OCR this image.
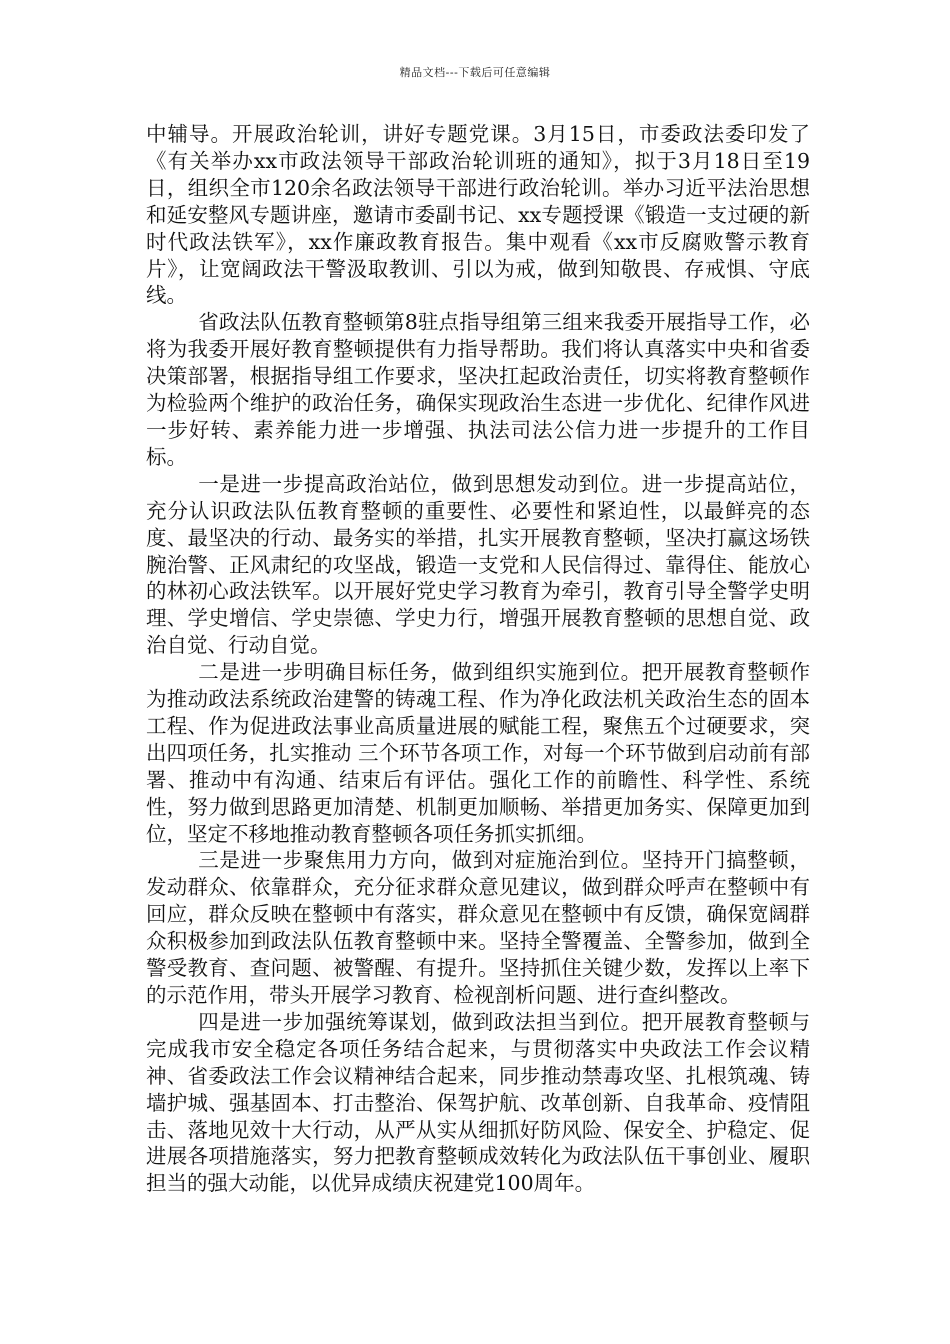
精品文档---下载后可任意编辑

中辅导。开展政治轮训，讲好专题党课。3月15日，市委政法委印发了《有关举办xx市政法领导干部政治轮训班的通知》，拟于3月18日至19日，组织全市120余名政法领导干部进行政治轮训。举办习近平法治思想和延安整风专题讲座，邀请市委副书记、xx专题授课《锻造一支过硬的新时代政法铁军》，xx作廉政教育报告。集中观看《xx市反腐败警示教育片》，让宽阔政法干警汲取教训、引以为戒，做到知敬畏、存戒惧、守底线。

省政法队伍教育整顿第8驻点指导组第三组来我委开展指导工作，必将为我委开展好教育整顿提供有力指导帮助。我们将认真落实中央和省委决策部署，根据指导组工作要求，坚决扛起政治责任，切实将教育整顿作为检验两个维护的政治任务，确保实现政治生态进一步优化、纪律作风进一步好转、素养能力进一步增强、执法司法公信力进一步提升的工作目标。

一是进一步提高政治站位，做到思想发动到位。进一步提高站位，充分认识政法队伍教育整顿的重要性、必要性和紧迫性，以最鲜亮的态度、最坚决的行动、最务实的举措，扎实开展教育整顿，坚决打赢这场铁腕治警、正风肃纪的攻坚战，锻造一支党和人民信得过、靠得住、能放心的林初心政法铁军。以开展好党史学习教育为牵引，教育引导全警学史明理、学史增信、学史崇德、学史力行，增强开展教育整顿的思想自觉、政治自觉、行动自觉。

二是进一步明确目标任务，做到组织实施到位。把开展教育整顿作为推动政法系统政治建警的铸魂工程、作为净化政法机关政治生态的固本工程、作为促进政法事业高质量进展的赋能工程，聚焦五个过硬要求，突出四项任务，扎实推动 三个环节各项工作，对每一个环节做到启动前有部署、推动中有沟通、结束后有评估。强化工作的前瞻性、科学性、系统性，努力做到思路更加清楚、机制更加顺畅、举措更加务实、保障更加到位，坚定不移地推动教育整顿各项任务抓实抓细。

三是进一步聚焦用力方向，做到对症施治到位。坚持开门搞整顿，发动群众、依靠群众，充分征求群众意见建议，做到群众呼声在整顿中有回应，群众反映在整顿中有落实，群众意见在整顿中有反馈，确保宽阔群众积极参加到政法队伍教育整顿中来。坚持全警覆盖、全警参加，做到全警受教育、查问题、被警醒、有提升。坚持抓住关键少数，发挥以上率下的示范作用，带头开展学习教育、检视剖析问题、进行查纠整改。

四是进一步加强统筹谋划，做到政法担当到位。把开展教育整顿与完成我市安全稳定各项任务结合起来，与贯彻落实中央政法工作会议精神、省委政法工作会议精神结合起来，同步推动禁毒攻坚、扎根筑魂、铸墙护城、强基固本、打击整治、保驾护航、改革创新、自我革命、疫情阻击、落地见效十大行动，从严从实从细抓好防风险、保安全、护稳定、促进展各项措施落实，努力把教育整顿成效转化为政法队伍干事创业、履职担当的强大动能，以优异成绩庆祝建党100周年。
